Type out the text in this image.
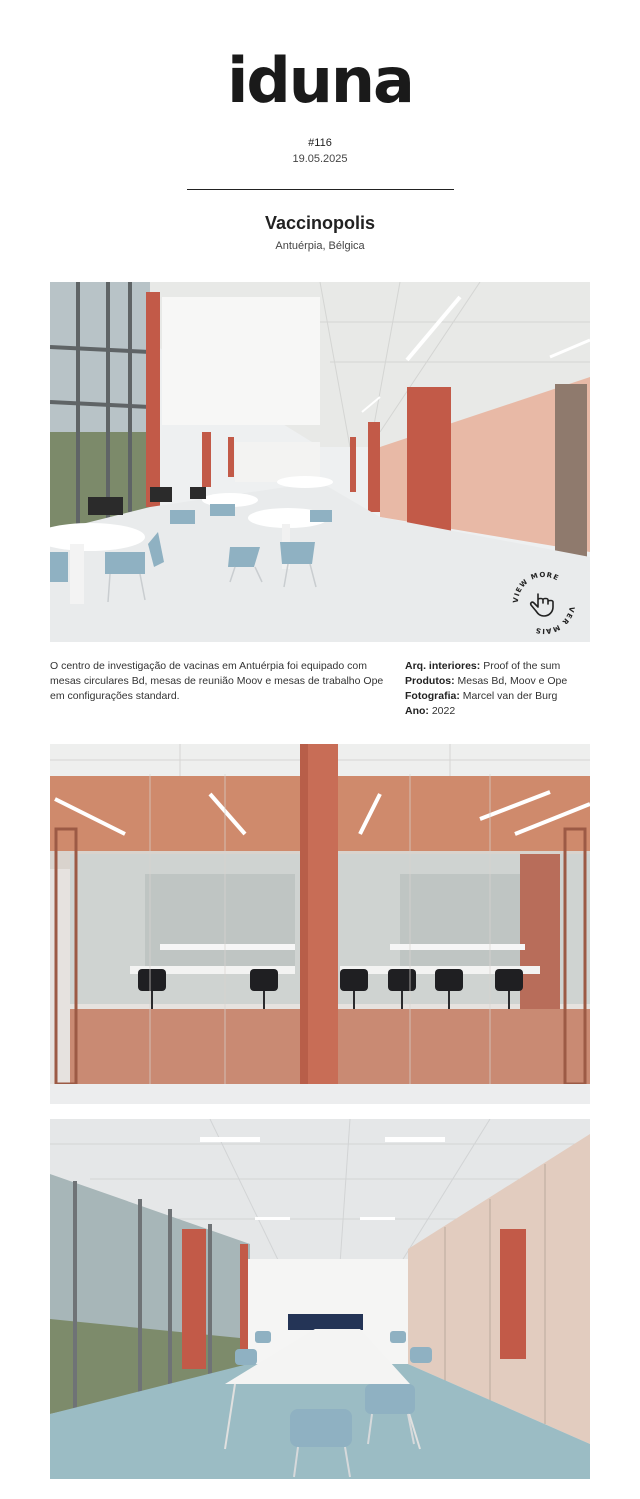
iduna
#116
19.05.2025
Vaccinopolis
Antuérpia, Bélgica
VIEW MORE
VER MAIS
O centro de investigação de vacinas em Antuérpia foi equipado com mesas circulares Bd, mesas de reunião Moov e mesas de trabalho Ope em configurações standard.
Arq. interiores: Proof of the sum
Produtos: Mesas Bd, Moov e Ope
Fotografia: Marcel van der Burg
Ano: 2022
